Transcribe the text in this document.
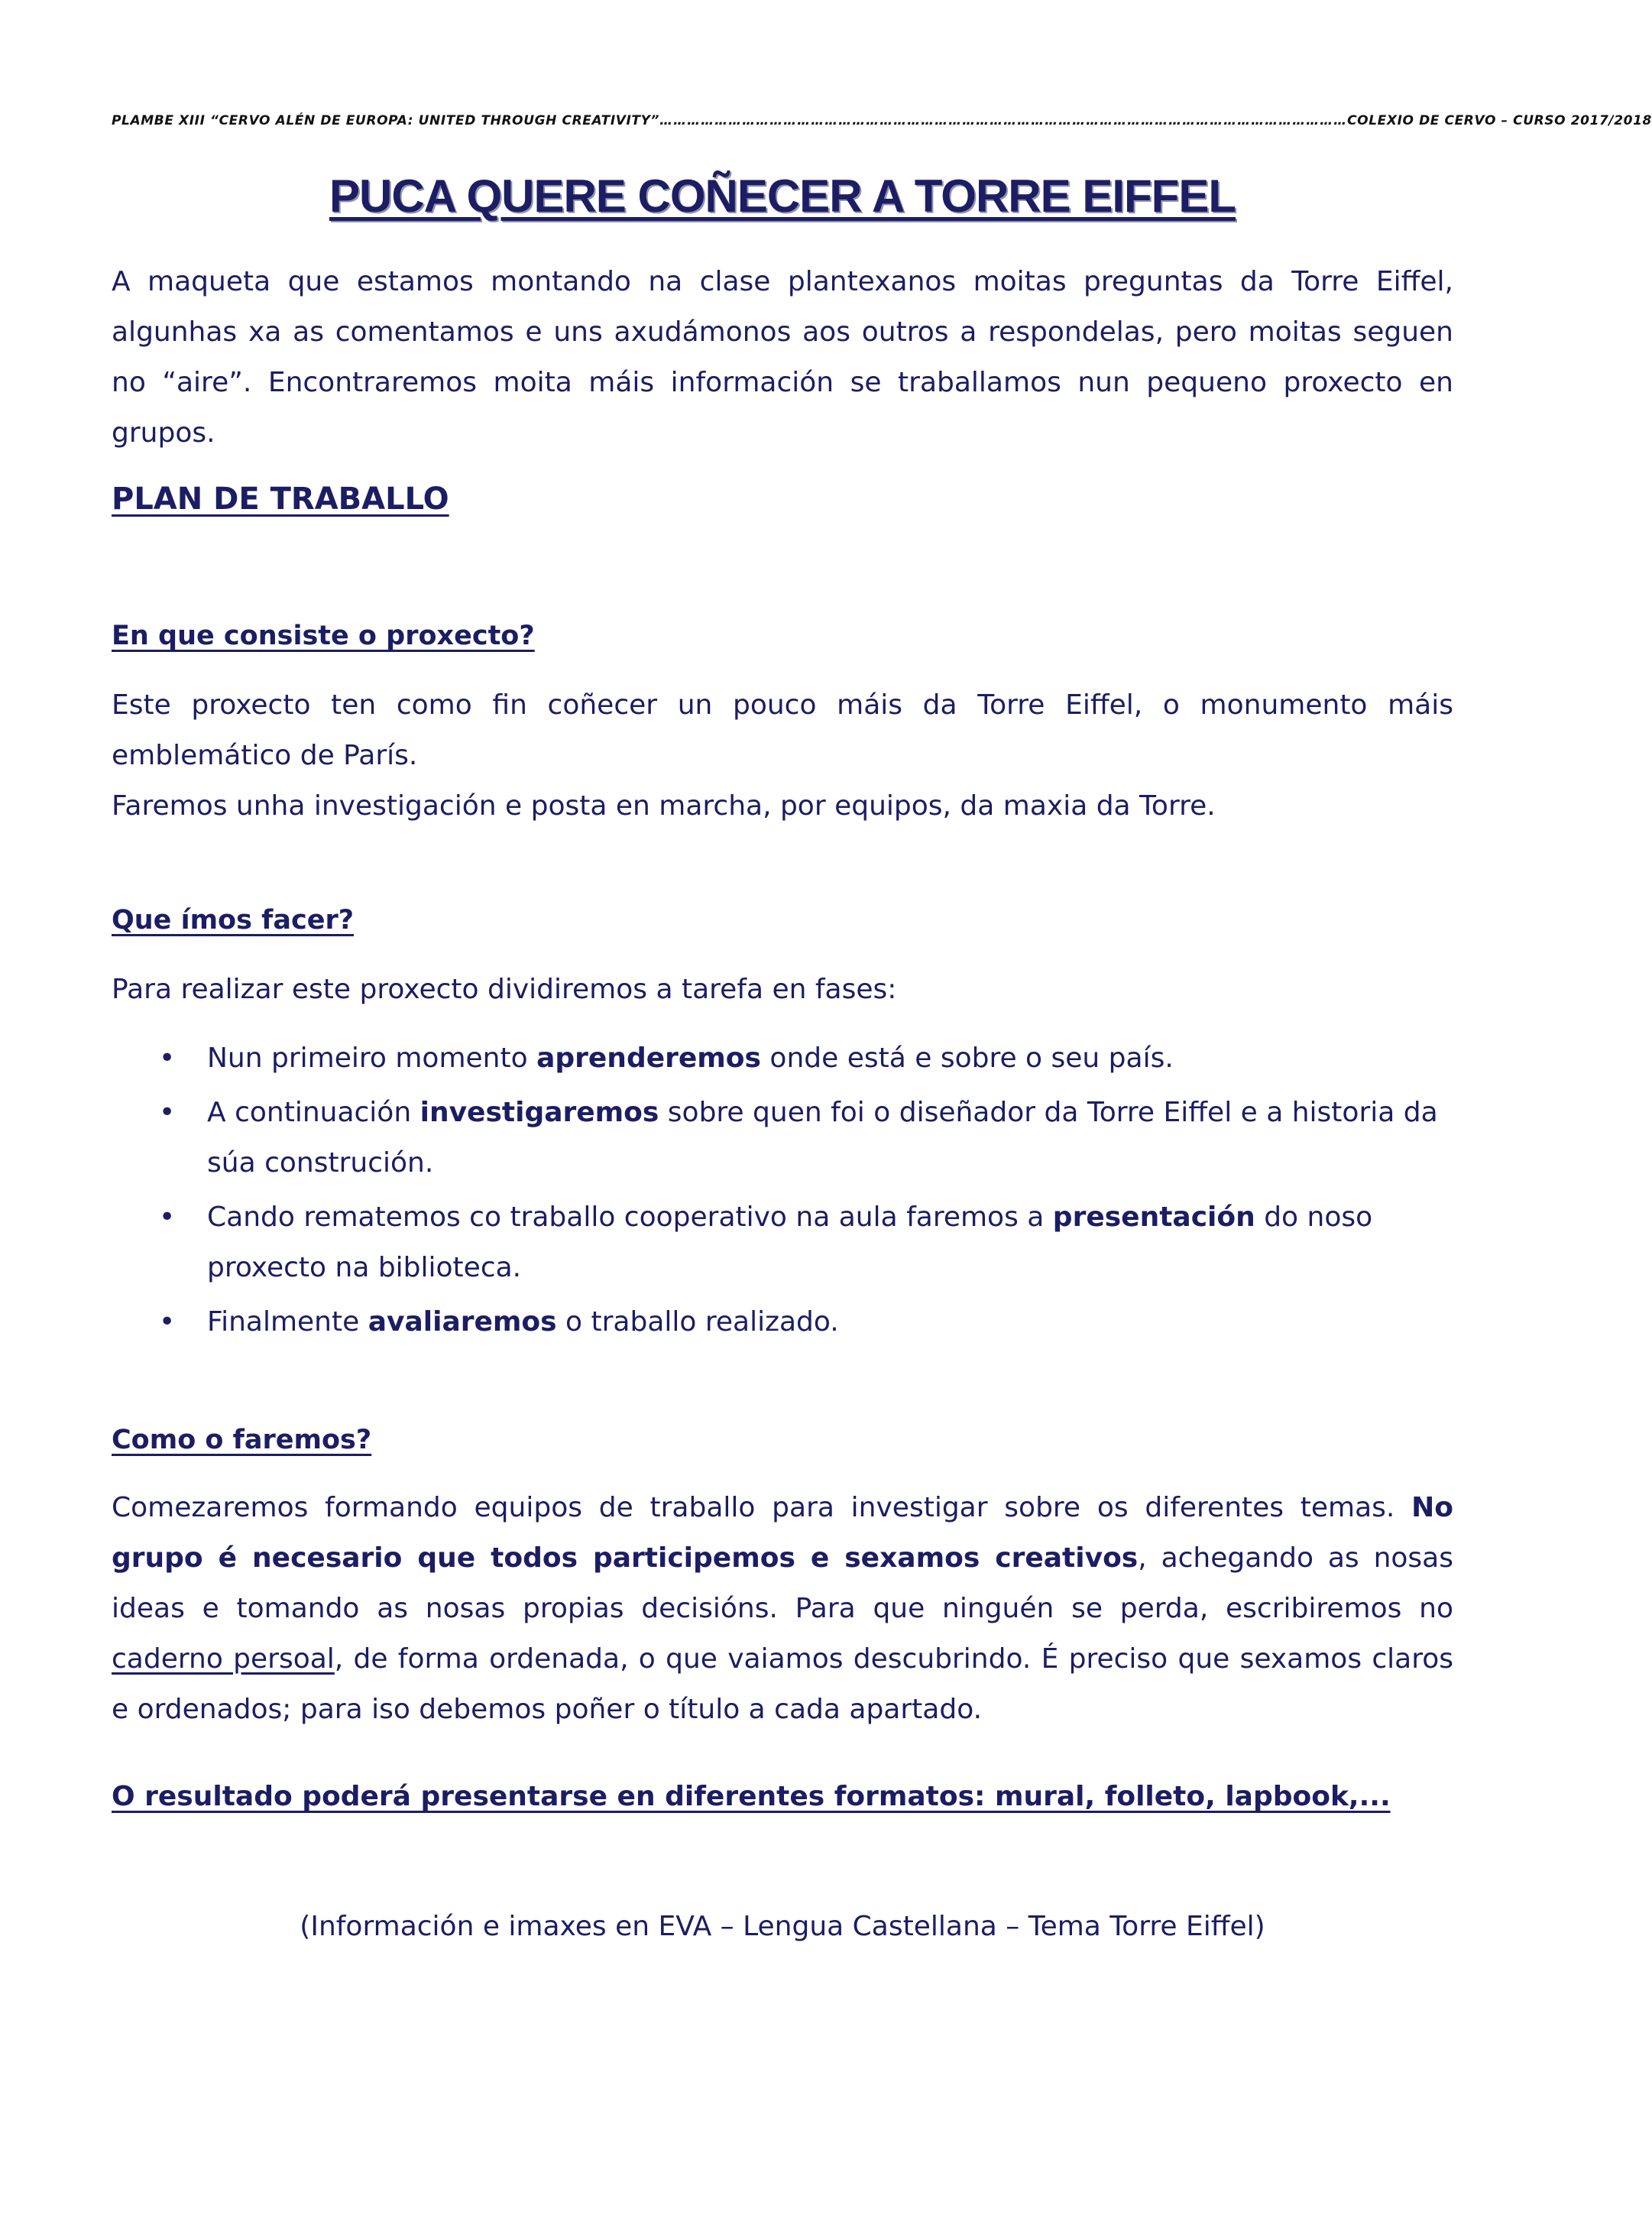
PLAMBE XIII “CERVO ALÉN DE EUROPA: UNITED THROUGH CREATIVITY” …………………………………………………………………………………………………………………………………… COLEXIO DE CERVO – CURSO 2017/2018
PUCA QUERE COÑECER A TORRE EIFFEL

A maqueta que estamos montando na clase plantexanos moitas preguntas da Torre Eiffel, algunhas xa as comentamos e uns axudámonos aos outros a respondelas, pero moitas seguen no “aire”. Encontraremos moita máis información se traballamos nun pequeno proxecto en grupos.

PLAN DE TRABALLO
En que consiste o proxecto?

Este proxecto ten como fin coñecer un pouco máis da Torre Eiffel, o monumento máis emblemático de París.

Faremos unha investigación e posta en marcha, por equipos, da maxia da Torre.

Que ímos facer?

Para realizar este proxecto dividiremos a tarefa en fases:

• Nun primeiro momento aprenderemos onde está e sobre o seu país.
• A continuación investigaremos sobre quen foi o diseñador da Torre Eiffel e a historia da súa construción.
• Cando rematemos co traballo cooperativo na aula faremos a presentación do noso proxecto na biblioteca.
• Finalmente avaliaremos o traballo realizado.
Como o faremos?

Comezaremos formando equipos de traballo para investigar sobre os diferentes temas. No grupo é necesario que todos participemos e sexamos creativos, achegando as nosas ideas e tomando as nosas propias decisións. Para que ninguén se perda, escribiremos no caderno persoal, de forma ordenada, o que vaiamos descubrindo. É preciso que sexamos claros e ordenados; para iso debemos poñer o título a cada apartado.

O resultado poderá presentarse en diferentes formatos: mural, folleto, lapbook,...

(Información e imaxes en EVA – Lengua Castellana – Tema Torre Eiffel)
